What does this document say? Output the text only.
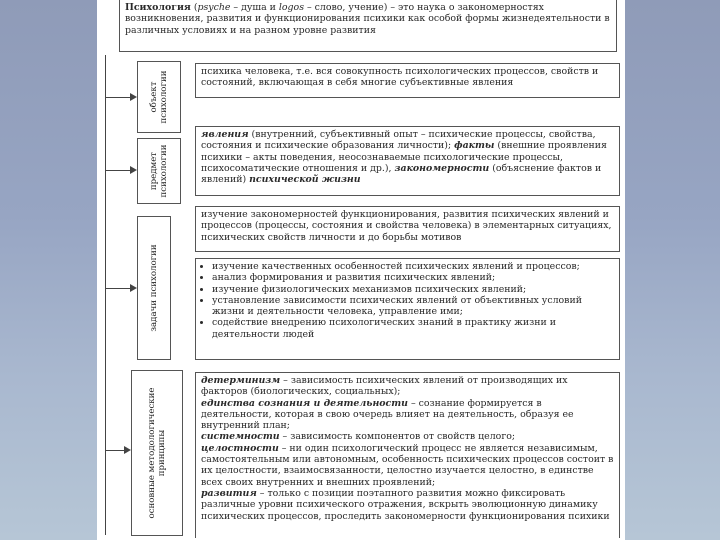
Психология (psyche – душа и logos – слово, учение) – это наука о закономерностях возникновения, развития и функционирования психики как особой формы жизнедеятельности в различных условиях и на разном уровне развития
объект
психологии	психика человека, т.е. вся совокупность психологических процессов, свойств и состояний, включающая в себя многие субъективные явления
предмет
психологии
явления (внутренний, субъективный опыт – психические процессы, свойства, состояния и психические образования личности); факты (внешние проявления психики – акты поведения, неосознаваемые психологические процессы, психосоматические отношения и др.), закономерности (объяснение фактов и явлений) психической жизни
задачи психологии
изучение закономерностей функционирования, развития психических явлений и процессов (процессы, состояния и свойства человека) в элементарных ситуациях, психических свойств личности и до борьбы мотивов
• изучение качественных особенностей психических явлений и процессов;
• анализ формирования и развития психических явлений;
• изучение физиологических механизмов психических явлений;
• установление зависимости психических явлений от объективных условий жизни и деятельности человека, управление ими;
• содействие внедрению психологических знаний в практику жизни и деятельности людей
основные методологические
принципы

детерминизм – зависимость психических явлений от производящих их факторов (биологических, социальных);

единства сознания и деятельности – сознание формируется в деятельности, которая в свою очередь влияет на деятельность, образуя ее внутренний план;

системности – зависимость компонентов от свойств целого;

целостности – ни один психологический процесс не является независимым, самостоятельным или автономным, особенность психических процессов состоит в их целостности, взаимосвязанности, целостно изучается целостно, в единстве всех своих внутренних и внешних проявлений;

развития – только с позиции поэтапного развития можно фиксировать различные уровни психического отражения, вскрыть эволюционную динамику психических процессов, проследить закономерности функционирования психики
